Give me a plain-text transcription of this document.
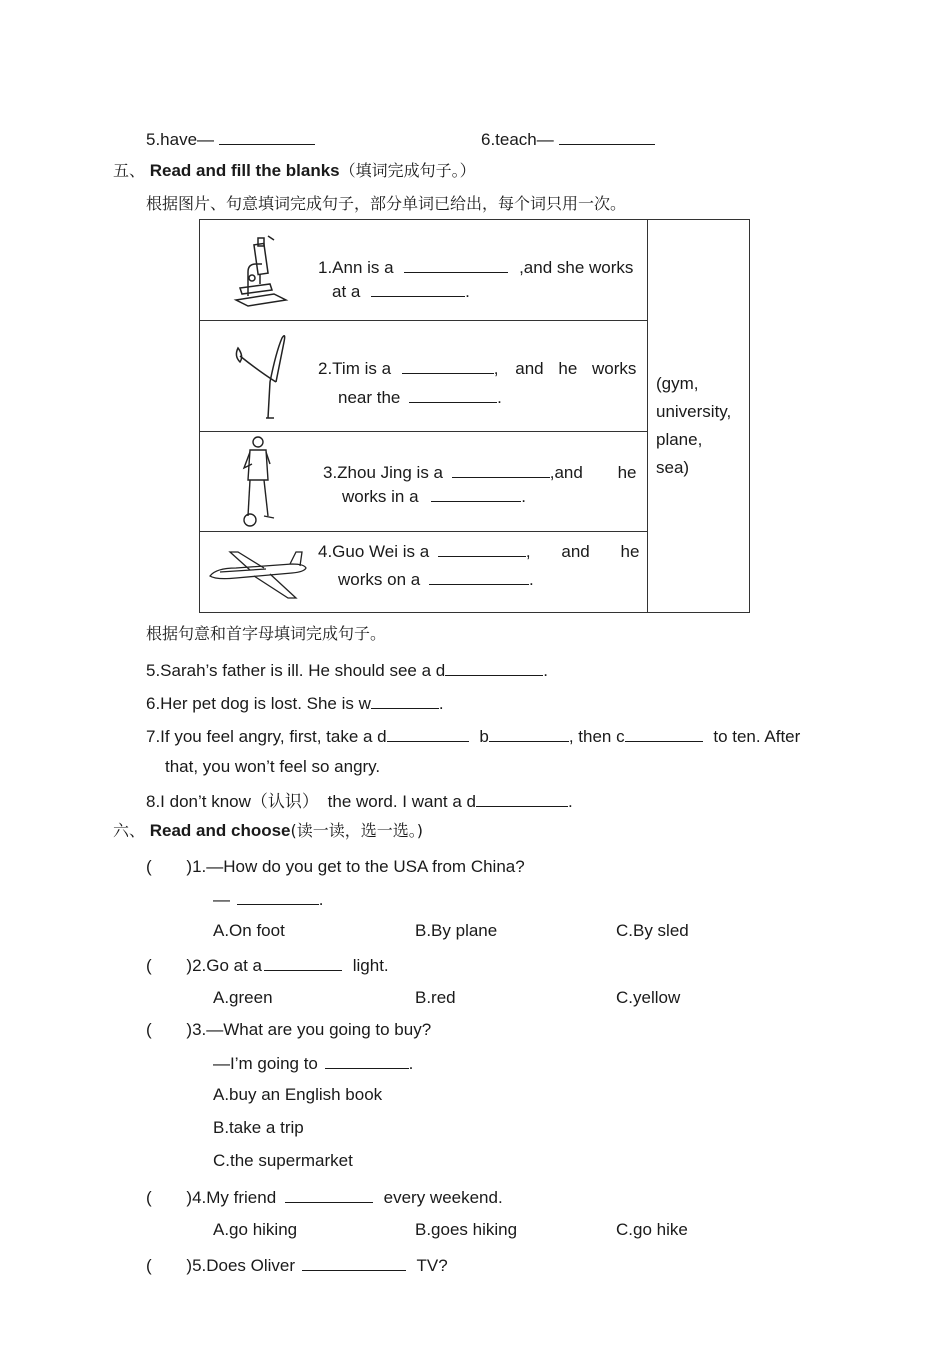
5.have—	6.teach—
五、 Read and fill the blanks（填词完成句子。）
根据图片、句意填词完成句子，部分单词已给出，每个词只用一次。
1.Ann is a	,and she works
at a	.
2.Tim is a	, and he works
near the	.
3.Zhou Jing is a	,and he
works in a	.
4.Guo Wei is a	, and he
works on a	.
(gym,
university,
plane,
sea)
根据句意和首字母填词完成句子。
5.Sarah’s father is ill. He should see a d	.
6.Her pet dog is lost. She is w	.
7.If you feel angry, first, take a d	b	, then c	to ten. After
that, you won’t feel so angry.
8.I don’t know（认识） the word. I want a d	.
六、 Read and choose(读一读，选一选。)
( )1.—How do you get to the USA from China?
—	.
A.On foot	B.By plane	C.By sled
( )2.Go at a	light.
A.green	B.red	C.yellow
( )3.—What are you going to buy?
—I’m going to	.
A.buy an English book
B.take a trip
C.the supermarket
( )4.My friend	every weekend.
A.go hiking	B.goes hiking	C.go hike
( )5.Does Oliver	TV?
